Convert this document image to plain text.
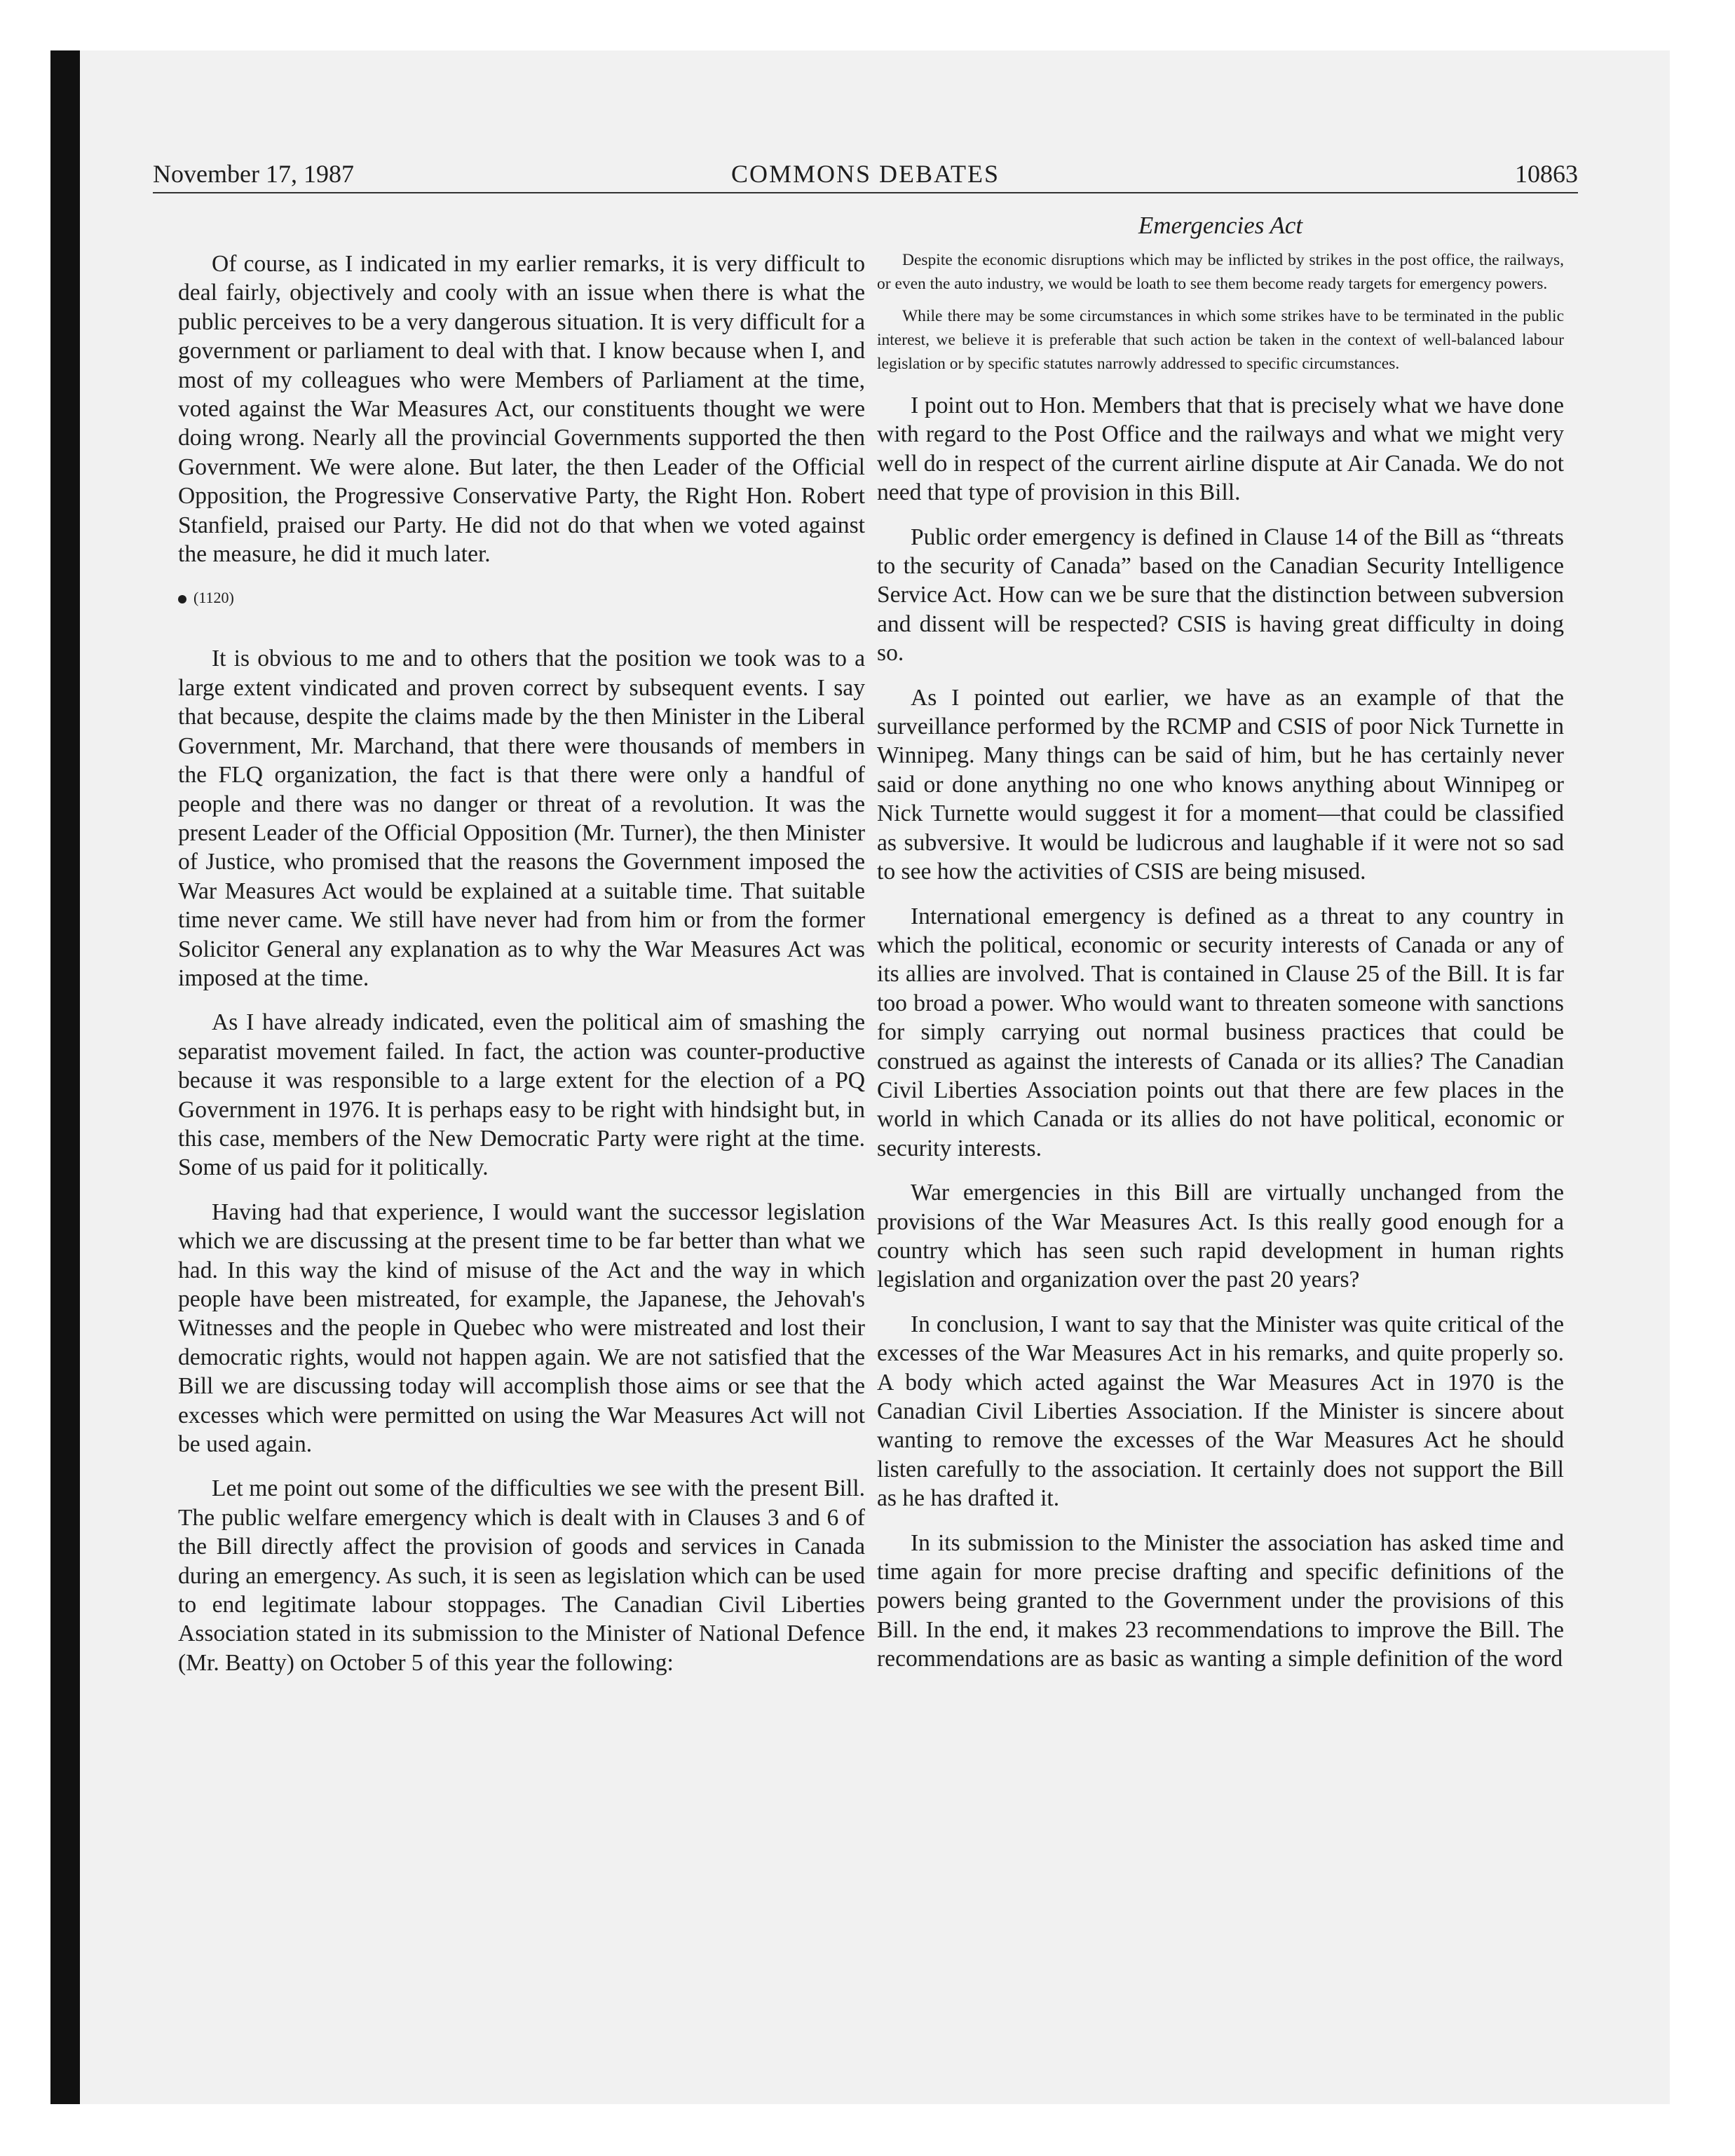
November 17, 1987	COMMONS DEBATES	10863

Of course, as I indicated in my earlier remarks, it is very difficult to deal fairly, objectively and cooly with an issue when there is what the public perceives to be a very dangerous situation. It is very difficult for a government or parliament to deal with that. I know because when I, and most of my colleagues who were Members of Parliament at the time, voted against the War Measures Act, our constituents thought we were doing wrong. Nearly all the provincial Governments supported the then Government. We were alone. But later, the then Leader of the Official Opposition, the Progressive Conservative Party, the Right Hon. Robert Stanfield, praised our Party. He did not do that when we voted against the measure, he did it much later.

(1120)

It is obvious to me and to others that the position we took was to a large extent vindicated and proven correct by subsequent events. I say that because, despite the claims made by the then Minister in the Liberal Government, Mr. Marchand, that there were thousands of members in the FLQ organization, the fact is that there were only a handful of people and there was no danger or threat of a revolution. It was the present Leader of the Official Opposition (Mr. Turner), the then Minister of Justice, who promised that the reasons the Government imposed the War Measures Act would be explained at a suitable time. That suitable time never came. We still have never had from him or from the former Solicitor General any explanation as to why the War Measures Act was imposed at the time.

As I have already indicated, even the political aim of smashing the separatist movement failed. In fact, the action was counter-productive because it was responsible to a large extent for the election of a PQ Government in 1976. It is perhaps easy to be right with hindsight but, in this case, members of the New Democratic Party were right at the time. Some of us paid for it politically.

Having had that experience, I would want the successor legislation which we are discussing at the present time to be far better than what we had. In this way the kind of misuse of the Act and the way in which people have been mistreated, for example, the Japanese, the Jehovah's Witnesses and the people in Quebec who were mistreated and lost their democratic rights, would not happen again. We are not satisfied that the Bill we are discussing today will accomplish those aims or see that the excesses which were permitted on using the War Measures Act will not be used again.

Let me point out some of the difficulties we see with the present Bill. The public welfare emergency which is dealt with in Clauses 3 and 6 of the Bill directly affect the provision of goods and services in Canada during an emergency. As such, it is seen as legislation which can be used to end legitimate labour stoppages. The Canadian Civil Liberties Association stated in its submission to the Minister of National Defence (Mr. Beatty) on October 5 of this year the following:

Emergencies Act

Despite the economic disruptions which may be inflicted by strikes in the post office, the railways, or even the auto industry, we would be loath to see them become ready targets for emergency powers.

While there may be some circumstances in which some strikes have to be terminated in the public interest, we believe it is preferable that such action be taken in the context of well-balanced labour legislation or by specific statutes narrowly addressed to specific circumstances.

I point out to Hon. Members that that is precisely what we have done with regard to the Post Office and the railways and what we might very well do in respect of the current airline dispute at Air Canada. We do not need that type of provision in this Bill.

Public order emergency is defined in Clause 14 of the Bill as “threats to the security of Canada” based on the Canadian Security Intelligence Service Act. How can we be sure that the distinction between subversion and dissent will be respected? CSIS is having great difficulty in doing so.

As I pointed out earlier, we have as an example of that the surveillance performed by the RCMP and CSIS of poor Nick Turnette in Winnipeg. Many things can be said of him, but he has certainly never said or done anything no one who knows anything about Winnipeg or Nick Turnette would suggest it for a moment—that could be classified as subversive. It would be ludicrous and laughable if it were not so sad to see how the activities of CSIS are being misused.

International emergency is defined as a threat to any country in which the political, economic or security interests of Canada or any of its allies are involved. That is contained in Clause 25 of the Bill. It is far too broad a power. Who would want to threaten someone with sanctions for simply carrying out normal business practices that could be construed as against the interests of Canada or its allies? The Canadian Civil Liberties Association points out that there are few places in the world in which Canada or its allies do not have political, economic or security interests.

War emergencies in this Bill are virtually unchanged from the provisions of the War Measures Act. Is this really good enough for a country which has seen such rapid development in human rights legislation and organization over the past 20 years?

In conclusion, I want to say that the Minister was quite critical of the excesses of the War Measures Act in his remarks, and quite properly so. A body which acted against the War Measures Act in 1970 is the Canadian Civil Liberties Association. If the Minister is sincere about wanting to remove the excesses of the War Measures Act he should listen carefully to the association. It certainly does not support the Bill as he has drafted it.

In its submission to the Minister the association has asked time and time again for more precise drafting and specific definitions of the powers being granted to the Government under the provisions of this Bill. In the end, it makes 23 recommendations to improve the Bill. The recommendations are as basic as wanting a simple definition of the word
